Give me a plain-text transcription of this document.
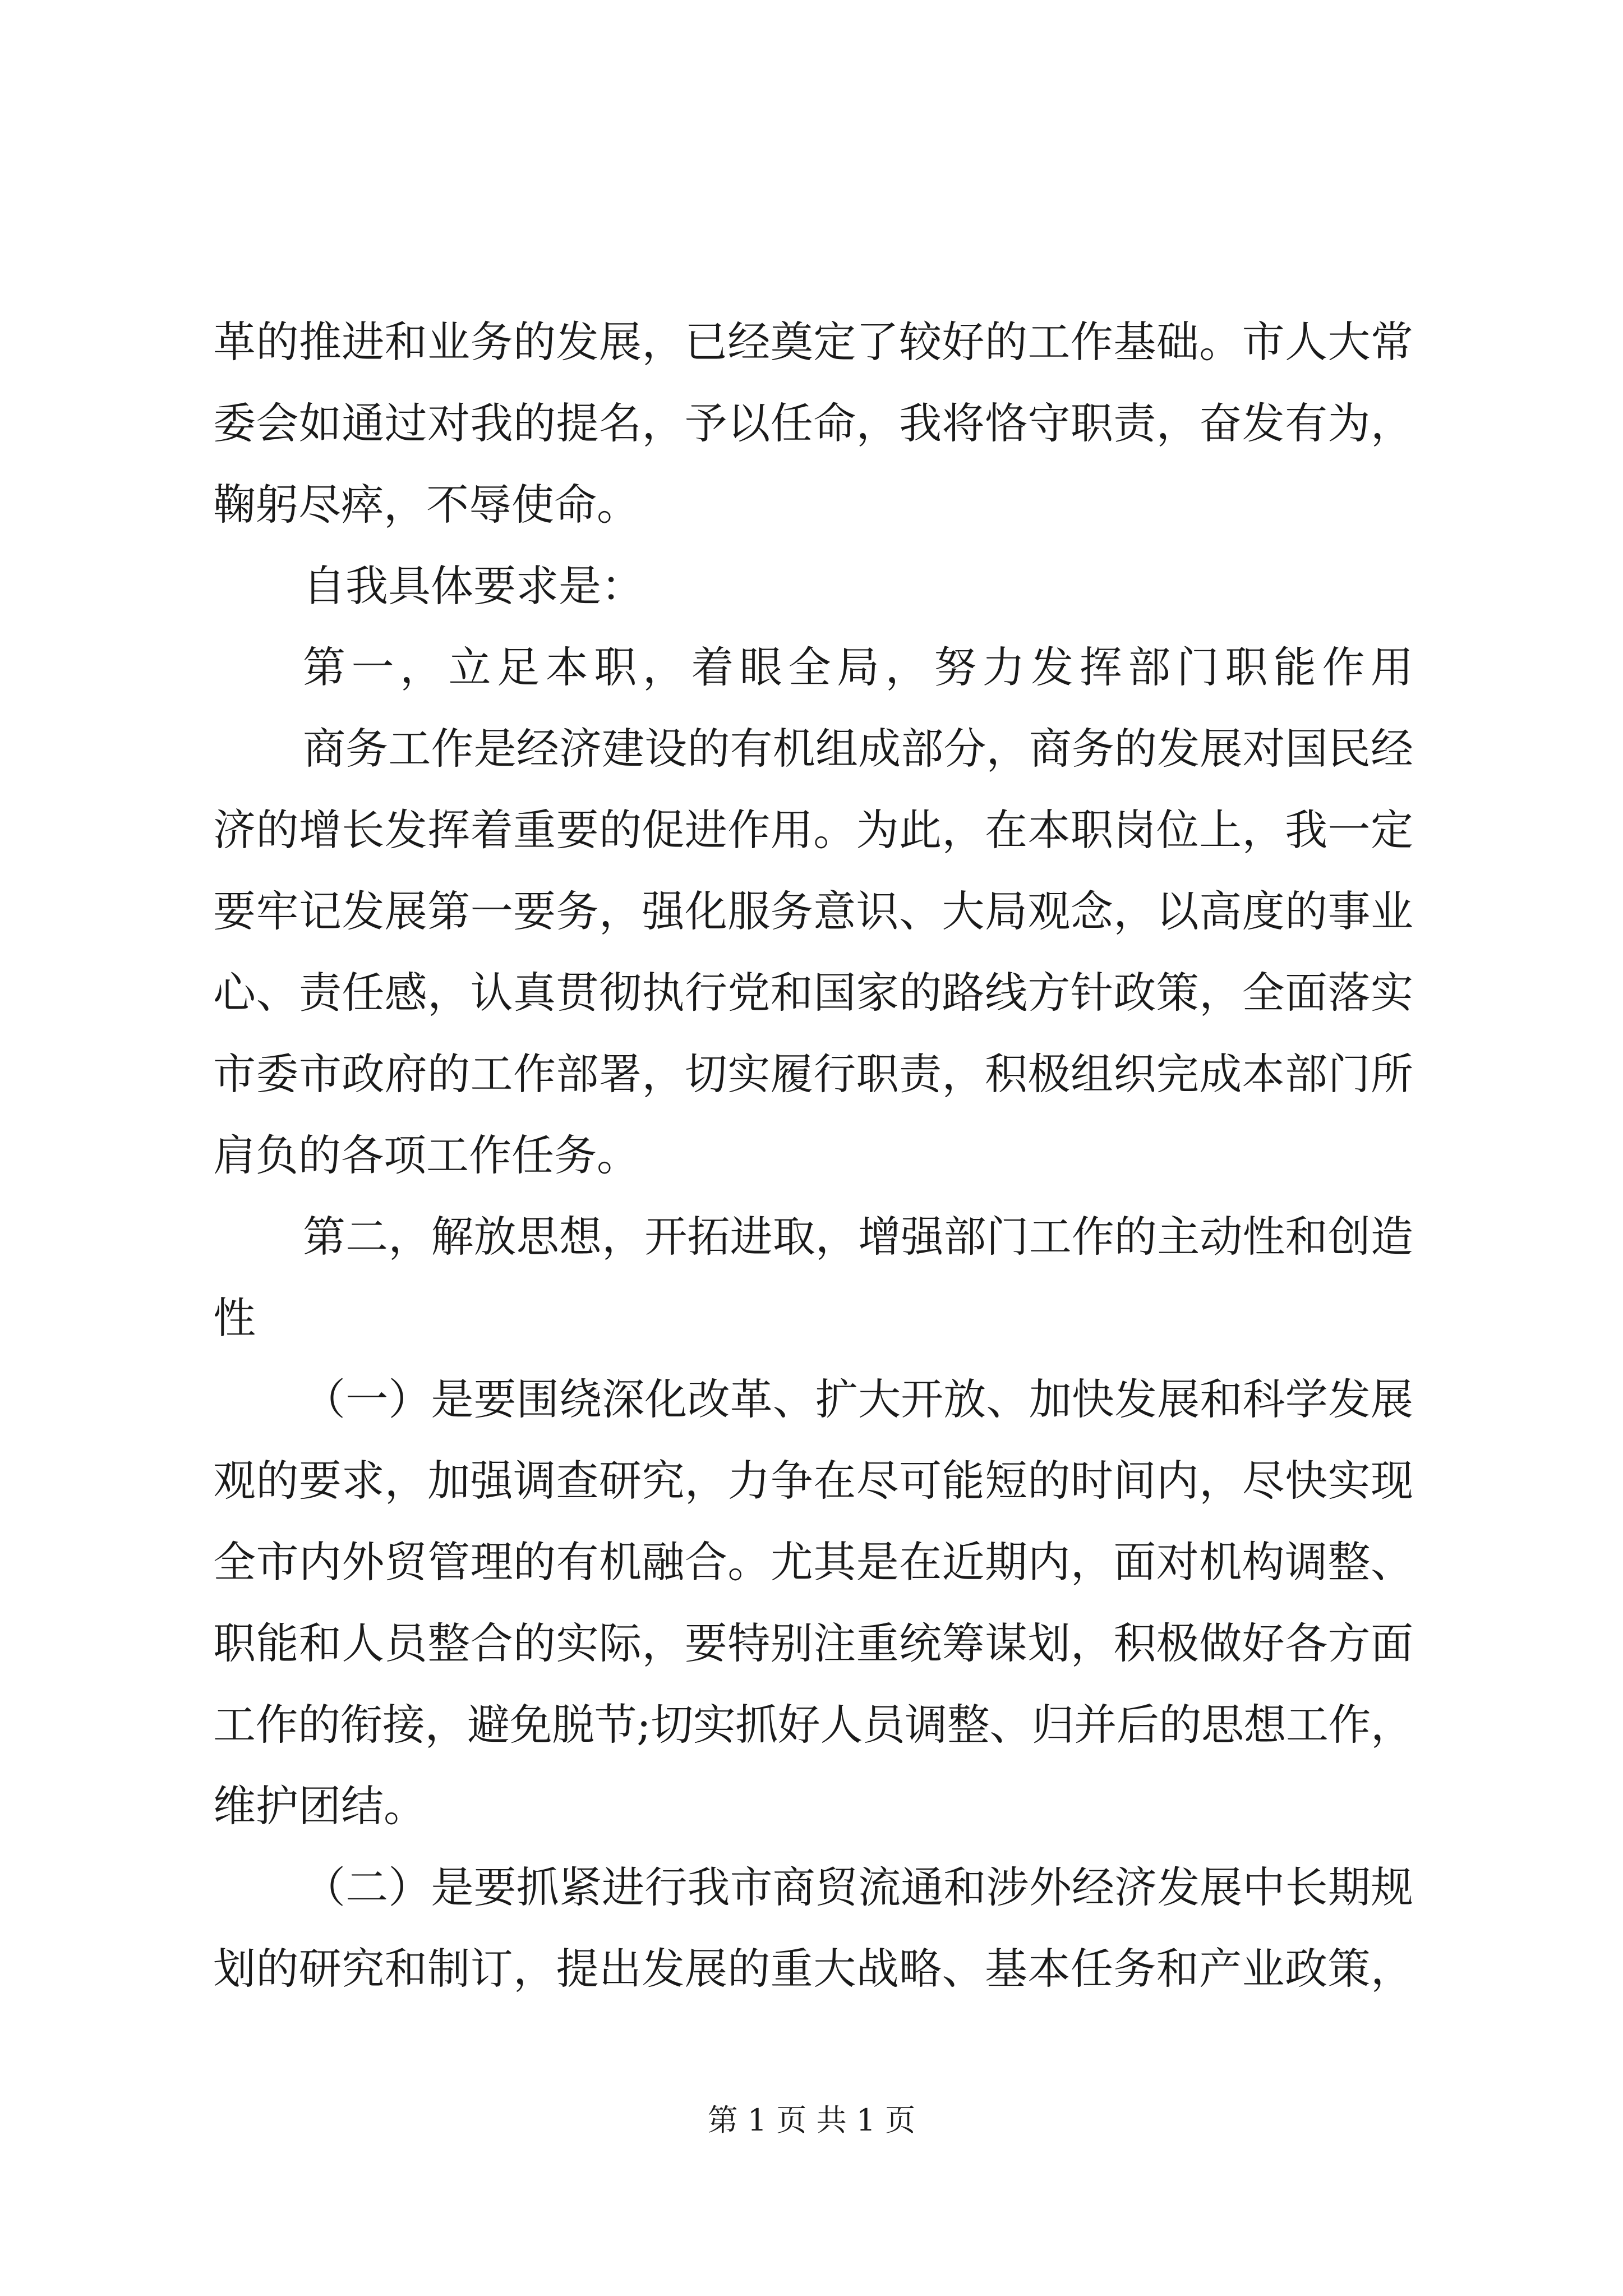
革的推进和业务的发展，已经奠定了较好的工作基础。市人大常
委会如通过对我的提名，予以任命，我将恪守职责，奋发有为，
鞠躬尽瘁，不辱使命。
自我具体要求是：
第一，立足本职，着眼全局，努力发挥部门职能作用
商务工作是经济建设的有机组成部分，商务的发展对国民经
济的增长发挥着重要的促进作用。为此，在本职岗位上，我一定
要牢记发展第一要务，强化服务意识、大局观念，以高度的事业
心、责任感，认真贯彻执行党和国家的路线方针政策，全面落实
市委市政府的工作部署，切实履行职责，积极组织完成本部门所
肩负的各项工作任务。
第二，解放思想，开拓进取，增强部门工作的主动性和创造
性
（一）是要围绕深化改革、扩大开放、加快发展和科学发展
观的要求，加强调查研究，力争在尽可能短的时间内，尽快实现
全市内外贸管理的有机融合。尤其是在近期内，面对机构调整、
职能和人员整合的实际，要特别注重统筹谋划，积极做好各方面
工作的衔接，避免脱节;切实抓好人员调整、归并后的思想工作，
维护团结。
（二）是要抓紧进行我市商贸流通和涉外经济发展中长期规
划的研究和制订，提出发展的重大战略、基本任务和产业政策，
第 1 页 共 1 页
